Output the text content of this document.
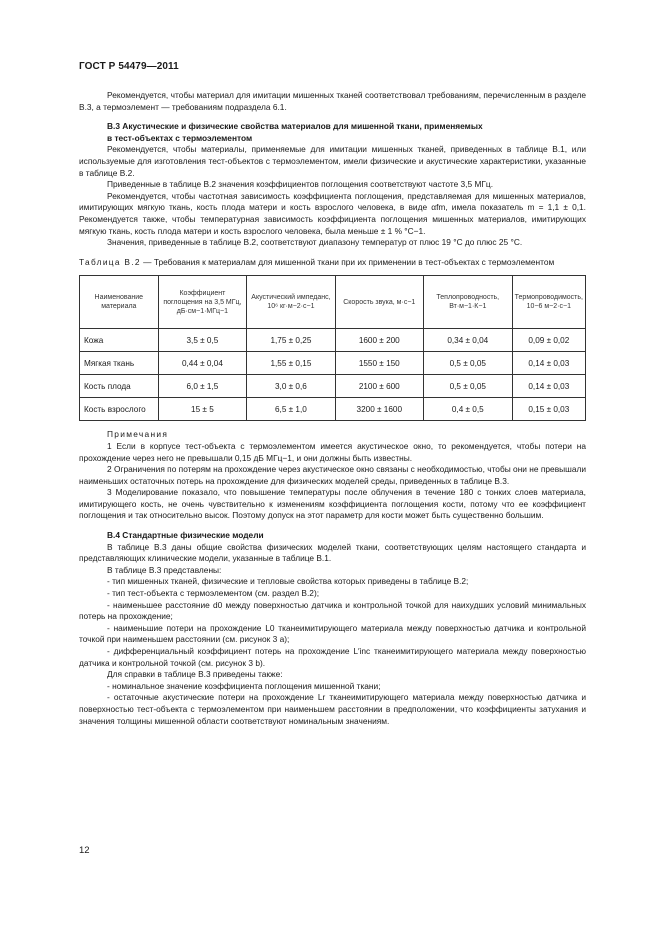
ГОСТ Р 54479—2011

Рекомендуется, чтобы материал для имитации мишенных тканей соответствовал требованиям, перечисленным в разделе В.3, а термоэлемент — требованиям подраздела 6.1.

В.3 Акустические и физические свойства материалов для мишенной ткани, применяемых

в тест-объектах с термоэлементом

Рекомендуется, чтобы материалы, применяемые для имитации мишенных тканей, приведенных в таблице В.1, или используемые для изготовления тест-объектов с термоэлементом, имели физические и акустические характеристики, указанные в таблице В.2.

Приведенные в таблице В.2 значения коэффициентов поглощения соответствуют частоте 3,5 МГц.

Рекомендуется, чтобы частотная зависимость коэффициента поглощения, представляемая для мишенных материалов, имитирующих мягкую ткань, кость плода матери и кость взрослого человека, в виде αfm, имела показатель m = 1,1 ± 0,1. Рекомендуется также, чтобы температурная зависимость коэффициента поглощения мишенных материалов, имитирующих мягкую ткань, кость плода матери и кость взрослого человека, была меньше ± 1 % °С−1.

Значения, приведенные в таблице В.2, соответствуют диапазону температур от плюс 19 °С до плюс 25 °С.

Таблица В.2 — Требования к материалам для мишенной ткани при их применении в тест-объектах с термоэлементом

Наименование материала	Коэффициент поглощения на 3,5 МГц, дБ·см−1·МГц−1	Акустический импеданс, 10⁶ кг·м−2·с−1	Скорость звука, м·с−1	Теплопроводность, Вт·м−1·К−1	Термопроводимость, 10−6 м−2·с−1
Кожа	3,5 ± 0,5	1,75 ± 0,25	1600 ± 200	0,34 ± 0,04	0,09 ± 0,02
Мягкая ткань	0,44 ± 0,04	1,55 ± 0,15	1550 ± 150	0,5 ± 0,05	0,14 ± 0,03
Кость плода	6,0 ± 1,5	3,0 ± 0,6	2100 ± 600	0,5 ± 0,05	0,14 ± 0,03
Кость взрослого	15 ± 5	6,5 ± 1,0	3200 ± 1600	0,4 ± 0,5	0,15 ± 0,03

Примечания

1 Если в корпусе тест-объекта с термоэлементом имеется акустическое окно, то рекомендуется, чтобы потери на прохождение через него не превышали 0,15 дБ МГц−1, и они должны быть известны.

2 Ограничения по потерям на прохождение через акустическое окно связаны с необходимостью, чтобы они не превышали наименьших остаточных потерь на прохождение для физических моделей среды, приведенных в таблице В.3.

3 Моделирование показало, что повышение температуры после облучения в течение 180 с тонких слоев материала, имитирующего кость, не очень чувствительно к изменениям коэффициента поглощения кости, потому что ее коэффициент поглощения и так относительно высок. Поэтому допуск на этот параметр для кости может быть существенно большим.

В.4 Стандартные физические модели

В таблице В.3 даны общие свойства физических моделей ткани, соответствующих целям настоящего стандарта и представляющих клинические модели, указанные в таблице В.1.

В таблице В.3 представлены:

- тип мишенных тканей, физические и тепловые свойства которых приведены в таблице В.2;

- тип тест-объекта с термоэлементом (см. раздел В.2);

- наименьшее расстояние d0 между поверхностью датчика и контрольной точкой для наихудших условий минимальных потерь на прохождение;

- наименьшие потери на прохождение L0 тканеимитирующего материала между поверхностью датчика и контрольной точкой при наименьшем расстоянии (см. рисунок 3 а);

- дифференциальный коэффициент потерь на прохождение L′inc тканеимитирующего материала между поверхностью датчика и контрольной точкой (см. рисунок 3 b).

Для справки в таблице В.3 приведены также:

- номинальное значение коэффициента поглощения мишенной ткани;

- остаточные акустические потери на прохождение Lr тканеимитирующего материала между поверхностью датчика и поверхностью тест-объекта с термоэлементом при наименьшем расстоянии в предположении, что коэффициенты затухания и значения толщины мишенной области соответствуют номинальным значениям.

12
